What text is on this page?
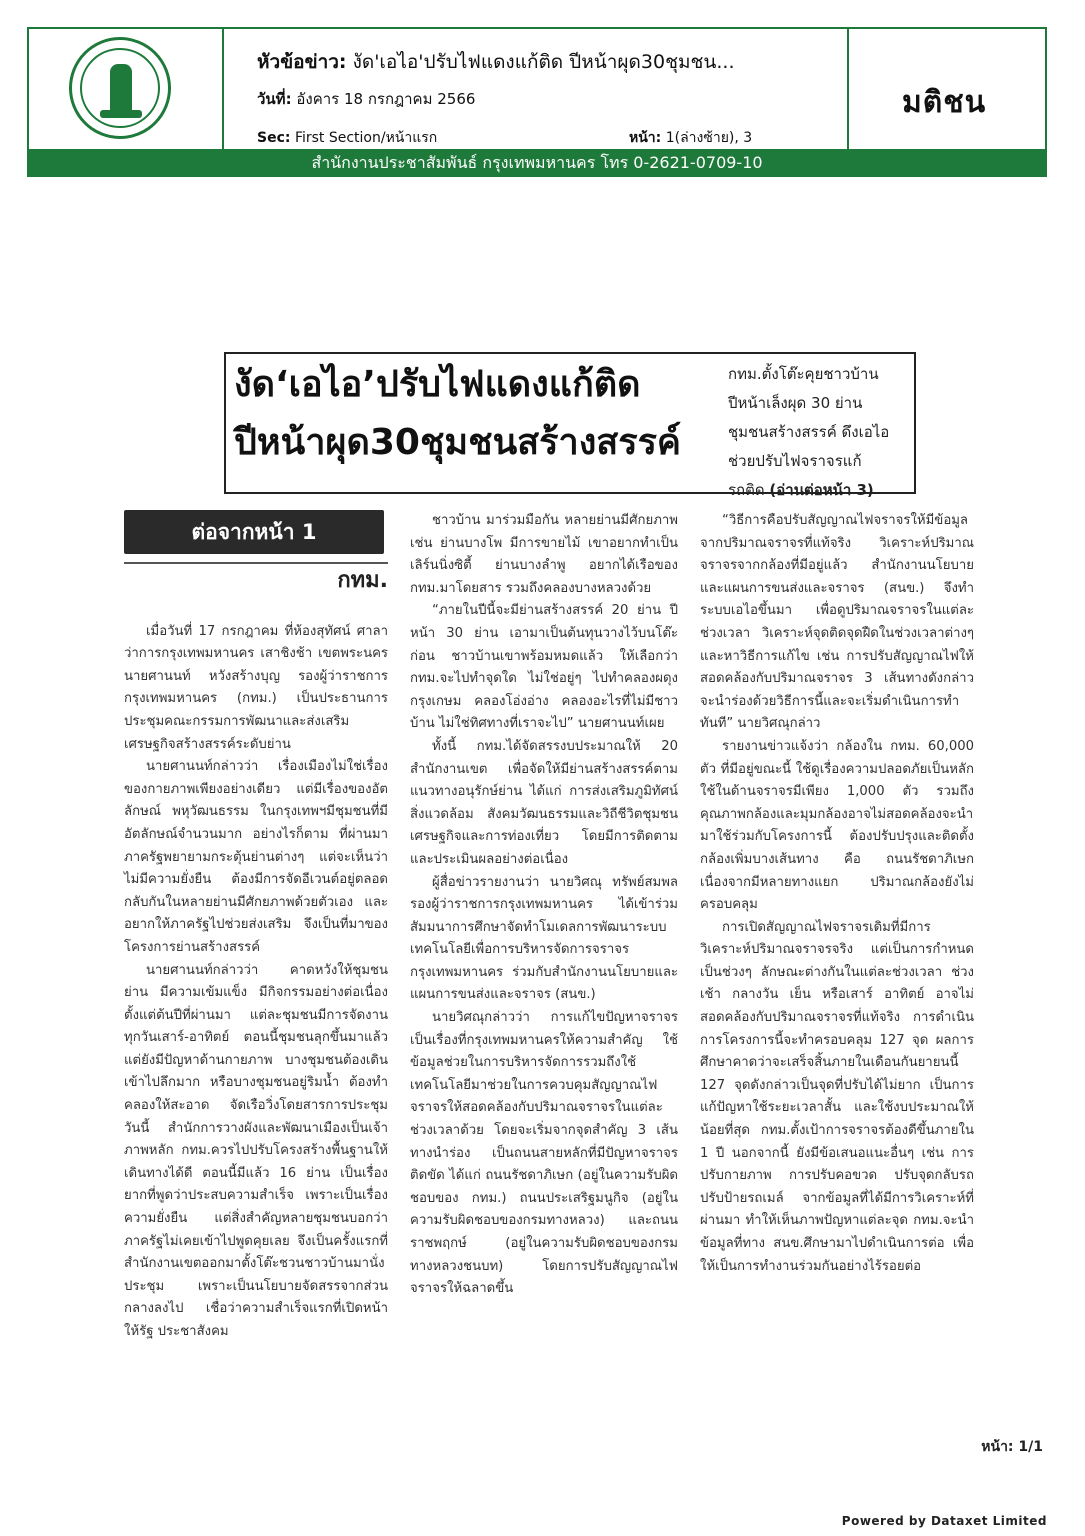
หัวข้อข่าว: งัด'เอไอ'ปรับไฟแดงแก้ติด ปีหน้าผุด30ชุมชน...
วันที่: อังคาร 18 กรกฎาคม 2566
Sec: First Section/หน้าแรก	หน้า: 1(ล่างซ้าย), 3
มติชน
สำนักงานประชาสัมพันธ์ กรุงเทพมหานคร โทร 0-2621-0709-10
งัด‘เอไอ’ปรับไฟแดงแก้ติด
ปีหน้าผุด30ชุมชนสร้างสรรค์
กทม.ตั้งโต๊ะคุยชาวบ้าน
ปีหน้าเล็งผุด 30 ย่าน
ชุมชนสร้างสรรค์ ดึงเอไอ
ช่วยปรับไฟจราจรแก้
รถติด (อ่านต่อหน้า 3)
ต่อจากหน้า 1
กทม.

เมื่อวันที่ 17 กรกฎาคม ที่ห้องสุทัศน์ ศาลาว่าการกรุงเทพมหานคร เสาชิงช้า เขตพระนคร นายศานนท์ หวังสร้างบุญ รองผู้ว่าราชการกรุงเทพมหานคร (กทม.) เป็นประธานการประชุมคณะกรรมการพัฒนาและส่งเสริมเศรษฐกิจสร้างสรรค์ระดับย่าน

นายศานนท์กล่าวว่า เรื่องเมืองไม่ใช่เรื่องของกายภาพเพียงอย่างเดียว แต่มีเรื่องของอัตลักษณ์ พหุวัฒนธรรม ในกรุงเทพฯมีชุมชนที่มีอัตลักษณ์จำนวนมาก อย่างไรก็ตาม ที่ผ่านมาภาครัฐพยายามกระตุ้นย่านต่างๆ แต่จะเห็นว่าไม่มีความยั่งยืน ต้องมีการจัดอีเวนต์อยู่ตลอด กลับกันในหลายย่านมีศักยภาพด้วยตัวเอง และอยากให้ภาครัฐไปช่วยส่งเสริม จึงเป็นที่มาของโครงการย่านสร้างสรรค์

นายศานนท์กล่าวว่า คาดหวังให้ชุมชน ย่าน มีความเข้มแข็ง มีกิจกรรมอย่างต่อเนื่อง ตั้งแต่ต้นปีที่ผ่านมา แต่ละชุมชนมีการจัดงานทุกวันเสาร์-อาทิตย์ ตอนนี้ชุมชนลุกขึ้นมาแล้ว แต่ยังมีปัญหาด้านกายภาพ บางชุมชนต้องเดินเข้าไปลึกมาก หรือบางชุมชนอยู่ริมน้ำ ต้องทำคลองให้สะอาด จัดเรือวิ่งโดยสารการประชุมวันนี้ สำนักการวางผังและพัฒนาเมืองเป็นเจ้าภาพหลัก กทม.ควรไปปรับโครงสร้างพื้นฐานให้เดินทางได้ดี ตอนนี้มีแล้ว 16 ย่าน เป็นเรื่องยากที่พูดว่าประสบความสำเร็จ เพราะเป็นเรื่องความยั่งยืน แต่สิ่งสำคัญหลายชุมชนบอกว่าภาครัฐไม่เคยเข้าไปพูดคุยเลย จึงเป็นครั้งแรกที่สำนักงานเขตออกมาตั้งโต๊ะชวนชาวบ้านมานั่งประชุม เพราะเป็นนโยบายจัดสรรจากส่วนกลางลงไป เชื่อว่าความสำเร็จแรกที่เปิดหน้า ให้รัฐ ประชาสังคม

ชาวบ้าน มาร่วมมือกัน หลายย่านมีศักยภาพ เช่น ย่านบางโพ มีการขายไม้ เขาอยากทำเป็นเลิร์นนิ่งซิตี้ ย่านบางลำพู อยากได้เรือของ กทม.มาโดยสาร รวมถึงคลองบางหลวงด้วย

“ภายในปีนี้จะมีย่านสร้างสรรค์ 20 ย่าน ปีหน้า 30 ย่าน เอามาเป็นต้นทุนวางไว้บนโต๊ะก่อน ชาวบ้านเขาพร้อมหมดแล้ว ให้เลือกว่า กทม.จะไปทำจุดใด ไม่ใช่อยู่ๆ ไปทำคลองผดุงกรุงเกษม คลองโอ่งอ่าง คลองอะไรที่ไม่มีชาวบ้าน ไม่ใช่ทิศทางที่เราจะไป” นายศานนท์เผย

ทั้งนี้ กทม.ได้จัดสรรงบประมาณให้ 20 สำนักงานเขต เพื่อจัดให้มีย่านสร้างสรรค์ตามแนวทางอนุรักษ์ย่าน ได้แก่ การส่งเสริมภูมิทัศน์สิ่งแวดล้อม สังคมวัฒนธรรมและวิถีชีวิตชุมชน เศรษฐกิจและการท่องเที่ยว โดยมีการติดตามและประเมินผลอย่างต่อเนื่อง

ผู้สื่อข่าวรายงานว่า นายวิศณุ ทรัพย์สมพล รองผู้ว่าราชการกรุงเทพมหานคร ได้เข้าร่วมสัมมนาการศึกษาจัดทำโมเดลการพัฒนาระบบเทคโนโลยีเพื่อการบริหารจัดการจราจรกรุงเทพมหานคร ร่วมกับสำนักงานนโยบายและแผนการขนส่งและจราจร (สนข.)

นายวิศณุกล่าวว่า การแก้ไขปัญหาจราจรเป็นเรื่องที่กรุงเทพมหานครให้ความสำคัญ ใช้ข้อมูลช่วยในการบริหารจัดการรวมถึงใช้เทคโนโลยีมาช่วยในการควบคุมสัญญาณไฟจราจรให้สอดคล้องกับปริมาณจราจรในแต่ละช่วงเวลาด้วย โดยจะเริ่มจากจุดสำคัญ 3 เส้นทางนำร่อง เป็นถนนสายหลักที่มีปัญหาจราจรติดขัด ได้แก่ ถนนรัชดาภิเษก (อยู่ในความรับผิดชอบของ กทม.) ถนนประเสริฐมนูกิจ (อยู่ในความรับผิดชอบของกรมทางหลวง) และถนนราชพฤกษ์ (อยู่ในความรับผิดชอบของกรมทางหลวงชนบท) โดยการปรับสัญญาณไฟจราจรให้ฉลาดขึ้น

“วิธีการคือปรับสัญญาณไฟจราจรให้มีข้อมูลจากปริมาณจราจรที่แท้จริง วิเคราะห์ปริมาณจราจรจากกล้องที่มีอยู่แล้ว สำนักงานนโยบายและแผนการขนส่งและจราจร (สนข.) จึงทำระบบเอไอขึ้นมา เพื่อดูปริมาณจราจรในแต่ละช่วงเวลา วิเคราะห์จุดติดจุดฝืดในช่วงเวลาต่างๆ และหาวิธีการแก้ไข เช่น การปรับสัญญาณไฟให้สอดคล้องกับปริมาณจราจร 3 เส้นทางดังกล่าว จะนำร่องด้วยวิธีการนี้และจะเริ่มดำเนินการทำทันที” นายวิศณุกล่าว

รายงานข่าวแจ้งว่า กล้องใน กทม. 60,000 ตัว ที่มีอยู่ขณะนี้ ใช้ดูเรื่องความปลอดภัยเป็นหลัก ใช้ในด้านจราจรมีเพียง 1,000 ตัว รวมถึงคุณภาพกล้องและมุมกล้องอาจไม่สอดคล้องจะนำมาใช้ร่วมกับโครงการนี้ ต้องปรับปรุงและติดตั้งกล้องเพิ่มบางเส้นทาง คือ ถนนรัชดาภิเษก เนื่องจากมีหลายทางแยก ปริมาณกล้องยังไม่ครอบคลุม

การเปิดสัญญาณไฟจราจรเดิมที่มีการวิเคราะห์ปริมาณจราจรจริง แต่เป็นการกำหนดเป็นช่วงๆ ลักษณะต่างกันในแต่ละช่วงเวลา ช่วงเช้า กลางวัน เย็น หรือเสาร์ อาทิตย์ อาจไม่สอดคล้องกับปริมาณจราจรที่แท้จริง การดำเนินการโครงการนี้จะทำครอบคลุม 127 จุด ผลการศึกษาคาดว่าจะเสร็จสิ้นภายในเดือนกันยายนนี้ 127 จุดดังกล่าวเป็นจุดที่ปรับได้ไม่ยาก เป็นการแก้ปัญหาใช้ระยะเวลาสั้น และใช้งบประมาณให้น้อยที่สุด กทม.ตั้งเป้าการจราจรต้องดีขึ้นภายใน 1 ปี นอกจากนี้ ยังมีข้อเสนอแนะอื่นๆ เช่น การปรับกายภาพ การปรับคอขวด ปรับจุดกลับรถ ปรับป้ายรถเมล์ จากข้อมูลที่ได้มีการวิเคราะห์ที่ผ่านมา ทำให้เห็นภาพปัญหาแต่ละจุด กทม.จะนำข้อมูลที่ทาง สนข.ศึกษามาไปดำเนินการต่อ เพื่อให้เป็นการทำงานร่วมกันอย่างไร้รอยต่อ

หน้า: 1/1
Powered by Dataxet Limited
